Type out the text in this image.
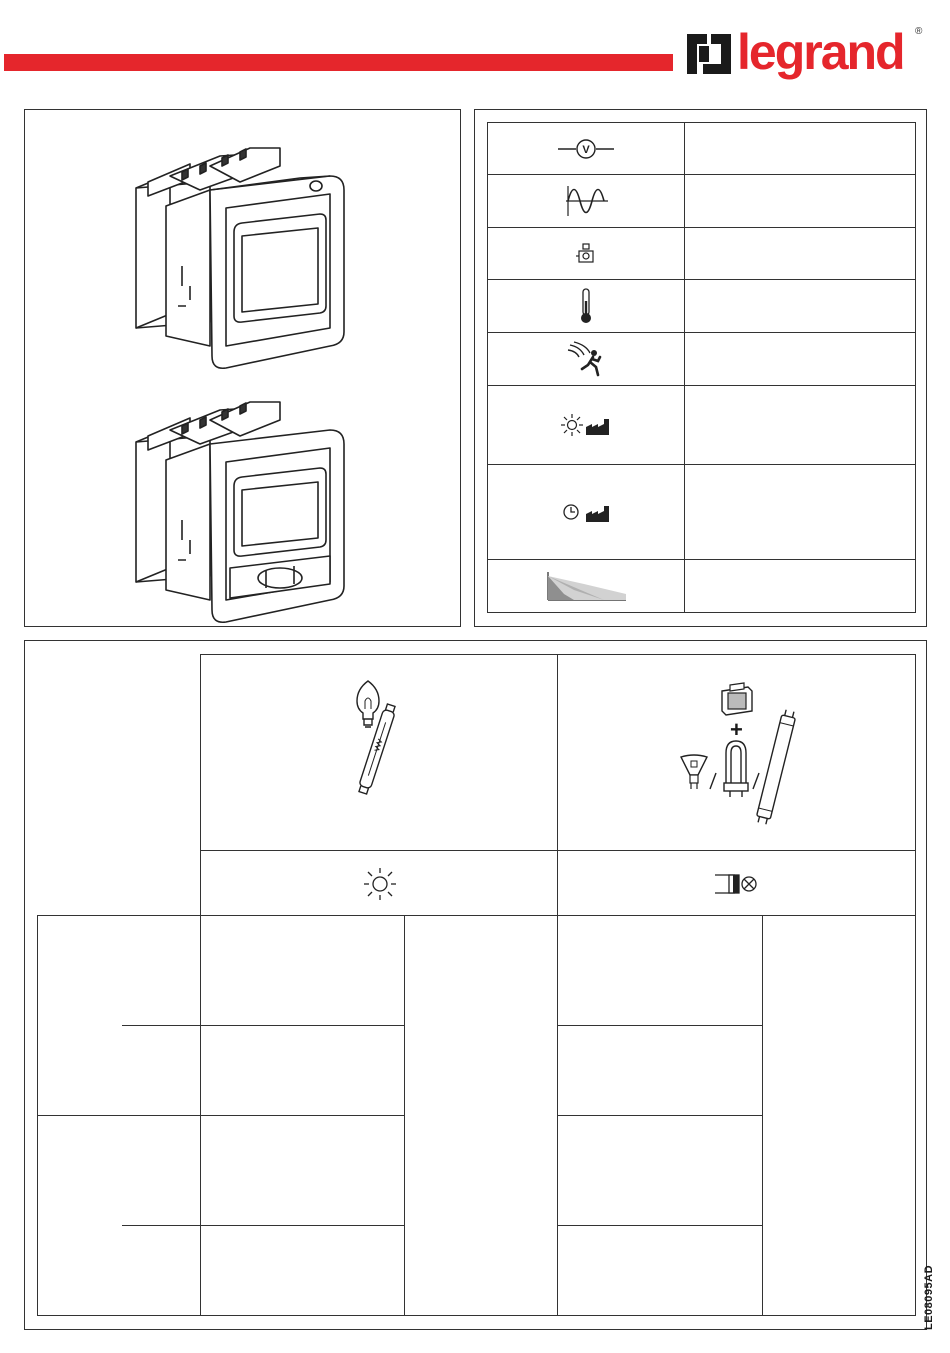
legrand ®
V
+
LE08095AD
